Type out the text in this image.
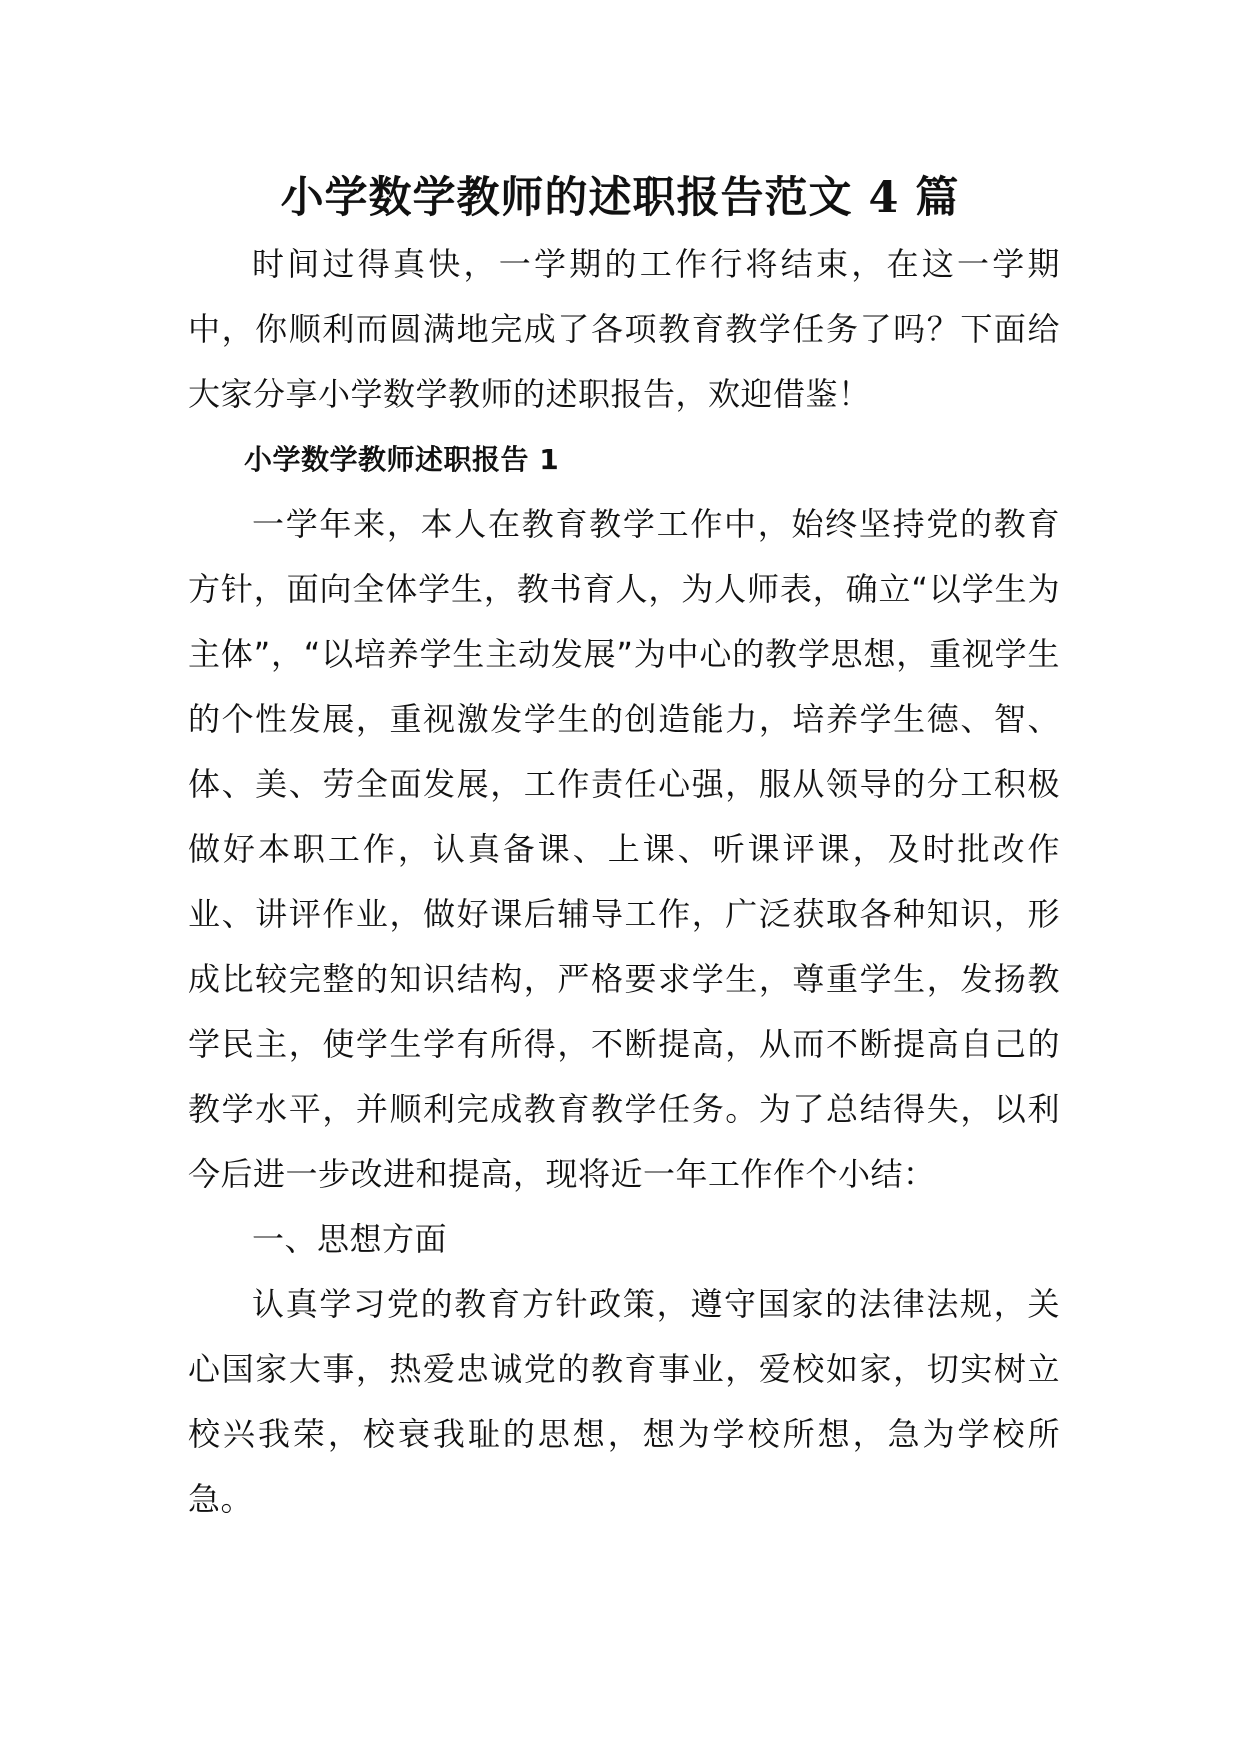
小学数学教师的述职报告范文 4 篇

时间过得真快，一学期的工作行将结束，在这一学期中，你顺利而圆满地完成了各项教育教学任务了吗？下面给大家分享小学数学教师的述职报告，欢迎借鉴！

小学数学教师述职报告 1

一学年来，本人在教育教学工作中，始终坚持党的教育方针，面向全体学生，教书育人，为人师表，确立“以学生为主体”，“以培养学生主动发展”为中心的教学思想，重视学生的个性发展，重视激发学生的创造能力，培养学生德、智、体、美、劳全面发展，工作责任心强，服从领导的分工积极做好本职工作，认真备课、上课、听课评课，及时批改作业、讲评作业，做好课后辅导工作，广泛获取各种知识，形成比较完整的知识结构，严格要求学生，尊重学生，发扬教学民主，使学生学有所得，不断提高，从而不断提高自己的教学水平，并顺利完成教育教学任务。为了总结得失，以利今后进一步改进和提高，现将近一年工作作个小结：

一、思想方面

认真学习党的教育方针政策，遵守国家的法律法规，关心国家大事，热爱忠诚党的教育事业，爱校如家，切实树立校兴我荣，校衰我耻的思想，想为学校所想，急为学校所急。
